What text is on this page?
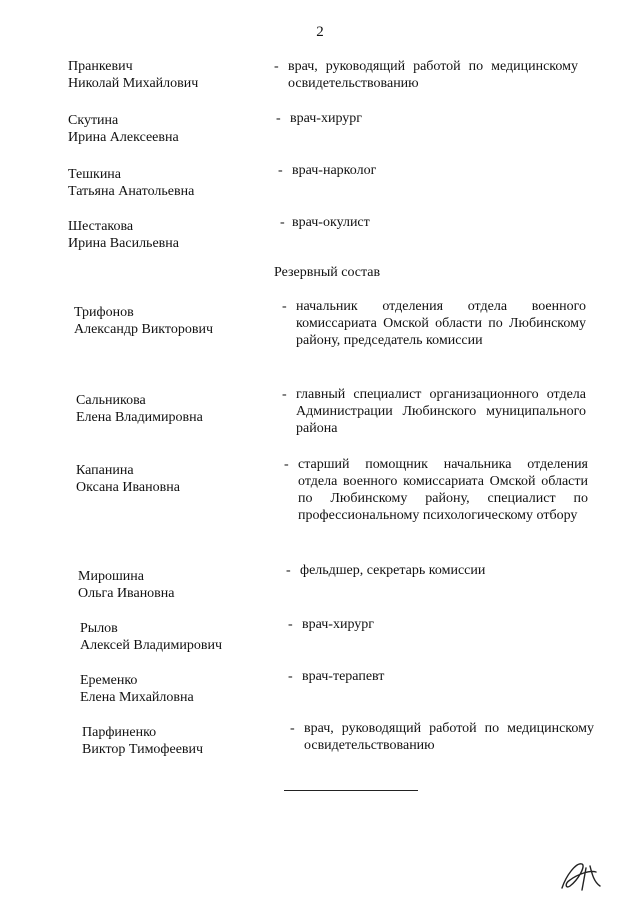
2
Пранкевич
Николай Михайлович
- врач, руководящий работой по медицинскому освидетельствованию
Скутина
Ирина Алексеевна
- врач-хирург
Тешкина
Татьяна Анатольевна
- врач-нарколог
Шестакова
Ирина Васильевна
- врач-окулист
Резервный состав
Трифонов
Александр Викторович
- начальник отделения отдела военного комиссариата Омской области по Любинскому району, председатель комиссии
Сальникова
Елена Владимировна
- главный специалист организационного отдела Администрации Любинского муниципального района
Капанина
Оксана Ивановна
- старший помощник начальника отделения отдела военного комиссариата Омской области по Любинскому району, специалист по профессиональному психологическому отбору
Мирошина
Ольга Ивановна
- фельдшер, секретарь комиссии
Рылов
Алексей Владимирович
- врач-хирург
Еременко
Елена Михайловна
- врач-терапевт
Парфиненко
Виктор Тимофеевич
- врач, руководящий работой по медицинскому освидетельствованию
